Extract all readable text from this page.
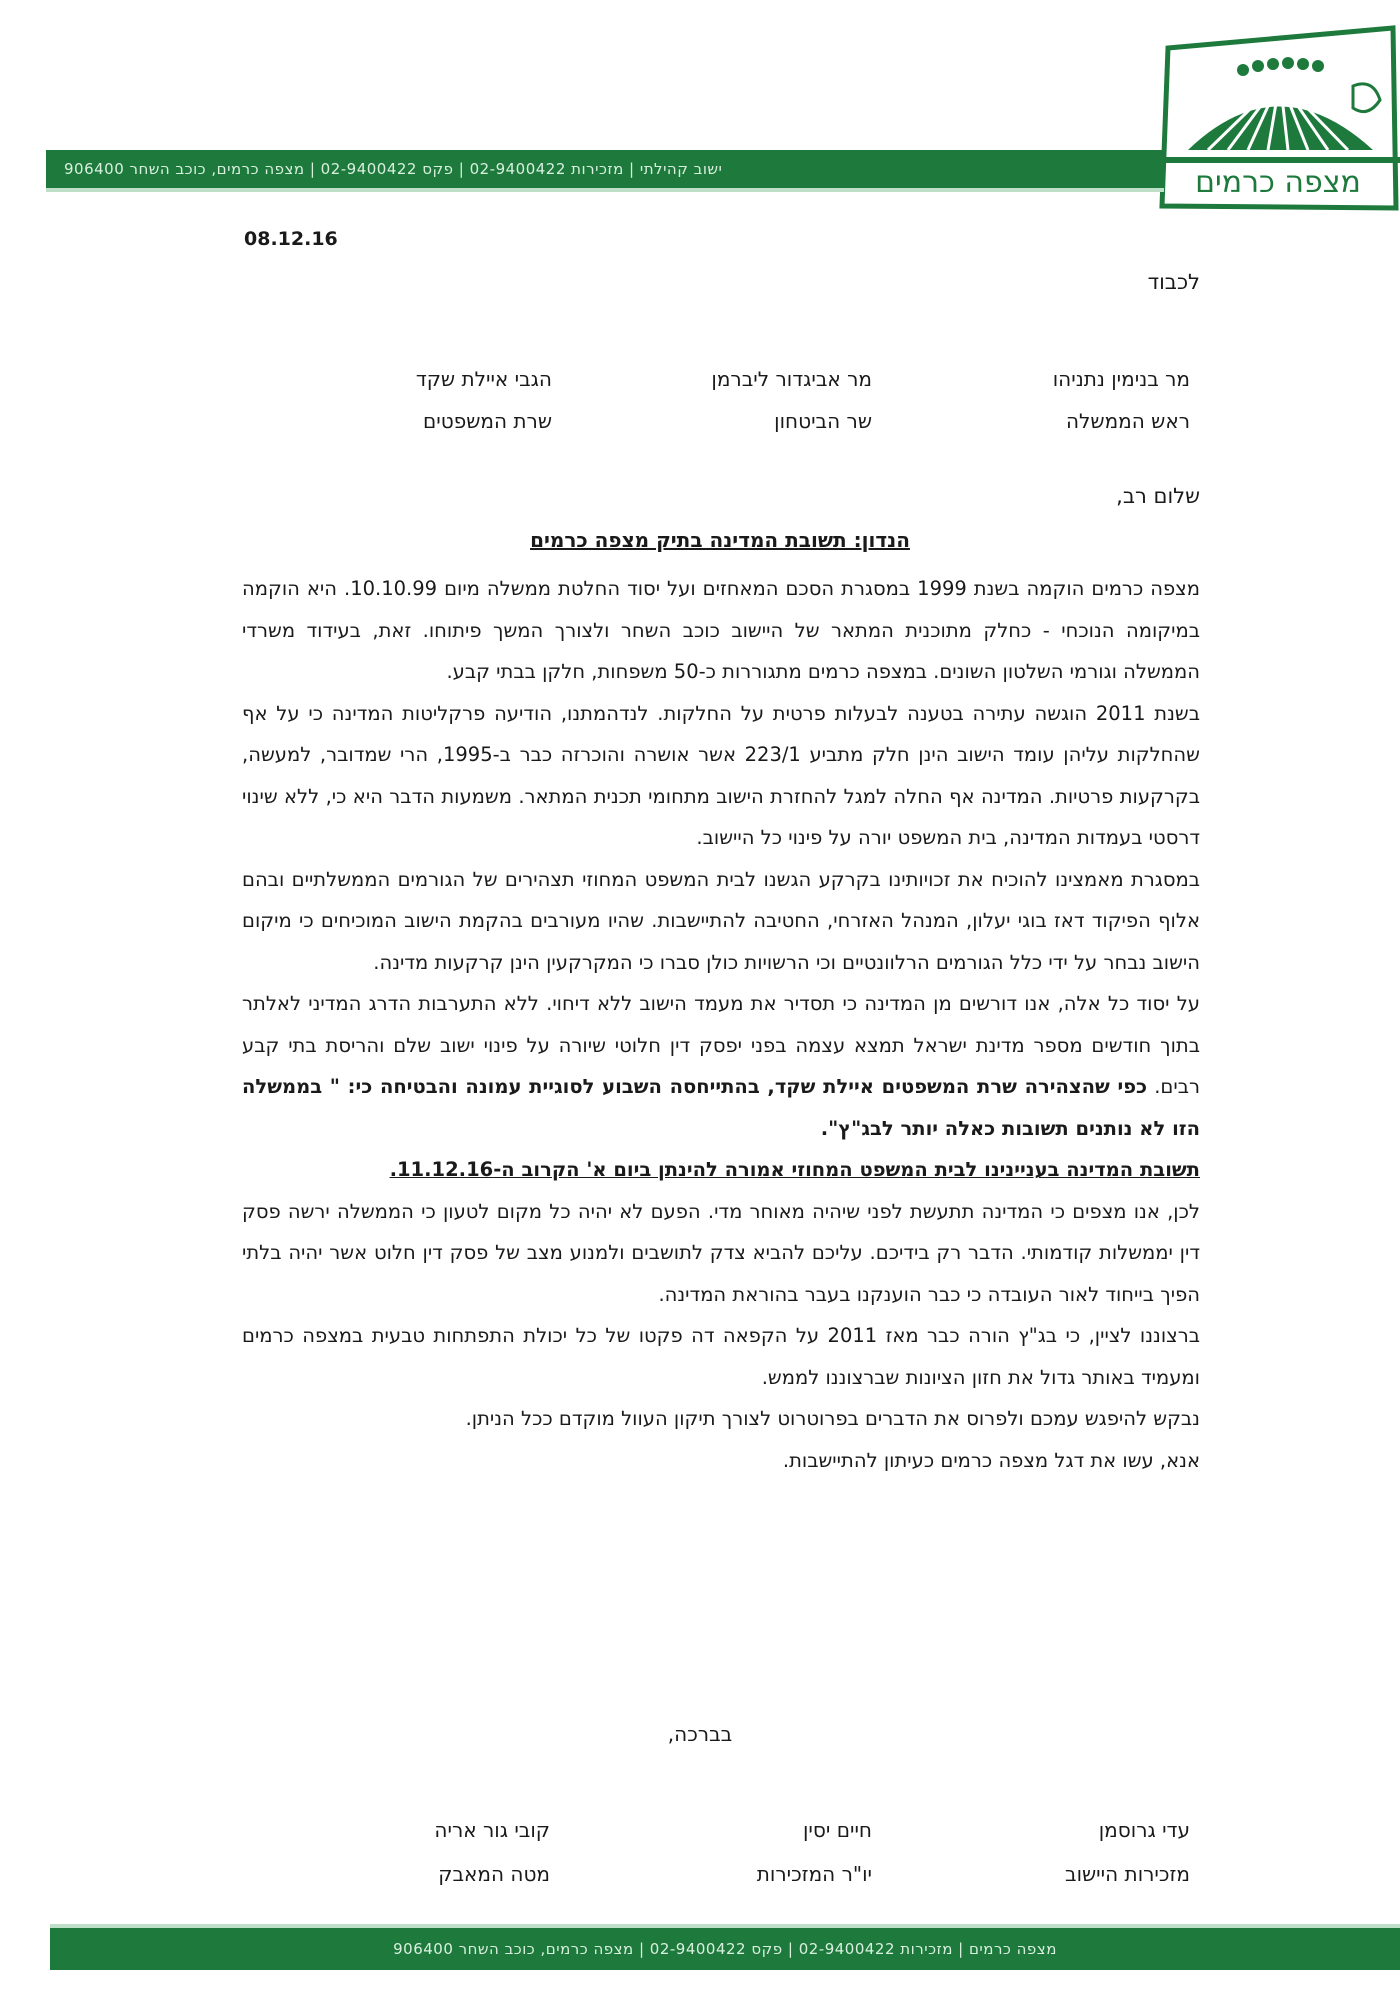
מצפה כרמים
ישוב קהילתי | מזכירות 02-9400422 | פקס 02-9400422 | מצפה כרמים, כוכב השחר 906400
08.12.16
לכבוד
מר בנימין נתניהו
ראש הממשלה
מר אביגדור ליברמן
שר הביטחון
הגבי איילת שקד
שרת המשפטים
שלום רב,
הנדון: תשובת המדינה בתיק מצפה כרמים

מצפה כרמים הוקמה בשנת 1999 במסגרת הסכם המאחזים ועל יסוד החלטת ממשלה מיום 10.10.99. היא הוקמה במיקומה הנוכחי - כחלק מתוכנית המתאר של היישוב כוכב השחר ולצורך המשך פיתוחו. זאת, בעידוד משרדי הממשלה וגורמי השלטון השונים. במצפה כרמים מתגוררות כ-50 משפחות, חלקן בבתי קבע.

בשנת 2011 הוגשה עתירה בטענה לבעלות פרטית על החלקות. לנדהמתנו, הודיעה פרקליטות המדינה כי על אף שהחלקות עליהן עומד הישוב הינן חלק מתביע 223/1 אשר אושרה והוכרזה כבר ב-1995, הרי שמדובר, למעשה, בקרקעות פרטיות. המדינה אף החלה למגל להחזרת הישוב מתחומי תכנית המתאר. משמעות הדבר היא כי, ללא שינוי דרסטי בעמדות המדינה, בית המשפט יורה על פינוי כל היישוב.

במסגרת מאמצינו להוכיח את זכויותינו בקרקע הגשנו לבית המשפט המחוזי תצהירים של הגורמים הממשלתיים ובהם אלוף הפיקוד דאז בוגי יעלון, המנהל האזרחי, החטיבה להתיישבות. שהיו מעורבים בהקמת הישוב המוכיחים כי מיקום הישוב נבחר על ידי כלל הגורמים הרלוונטיים וכי הרשויות כולן סברו כי המקרקעין הינן קרקעות מדינה.

על יסוד כל אלה, אנו דורשים מן המדינה כי תסדיר את מעמד הישוב ללא דיחוי. ללא התערבות הדרג המדיני לאלתר בתוך חודשים מספר מדינת ישראל תמצא עצמה בפני יפסק דין חלוטי שיורה על פינוי ישוב שלם והריסת בתי קבע רבים. כפי שהצהירה שרת המשפטים איילת שקד, בהתייחסה השבוע לסוגיית עמונה והבטיחה כי: " בממשלה הזו לא נותנים תשובות כאלה יותר לבג"ץ".

תשובת המדינה בעניינינו לבית המשפט המחוזי אמורה להינתן ביום א' הקרוב ה-11.12.16.

לכן, אנו מצפים כי המדינה תתעשת לפני שיהיה מאוחר מדי. הפעם לא יהיה כל מקום לטעון כי הממשלה ירשה פסק דין יממשלות קודמותי. הדבר רק בידיכם. עליכם להביא צדק לתושבים ולמנוע מצב של פסק דין חלוט אשר יהיה בלתי הפיך בייחוד לאור העובדה כי כבר הוענקנו בעבר בהוראת המדינה.

ברצוננו לציין, כי בג"ץ הורה כבר מאז 2011 על הקפאה דה פקטו של כל יכולת התפתחות טבעית במצפה כרמים ומעמיד באותר גדול את חזון הציונות שברצוננו לממש.

נבקש להיפגש עמכם ולפרוס את הדברים בפרוטרוט לצורך תיקון העוול מוקדם ככל הניתן.

אנא, עשו את דגל מצפה כרמים כעיתון להתיישבות.

בברכה,
עדי גרוסמן
מזכירות היישוב
חיים יסין
יו"ר המזכירות
קובי גור אריה
מטה המאבק
מצפה כרמים | מזכירות 02-9400422 | פקס 02-9400422 | מצפה כרמים, כוכב השחר 906400
